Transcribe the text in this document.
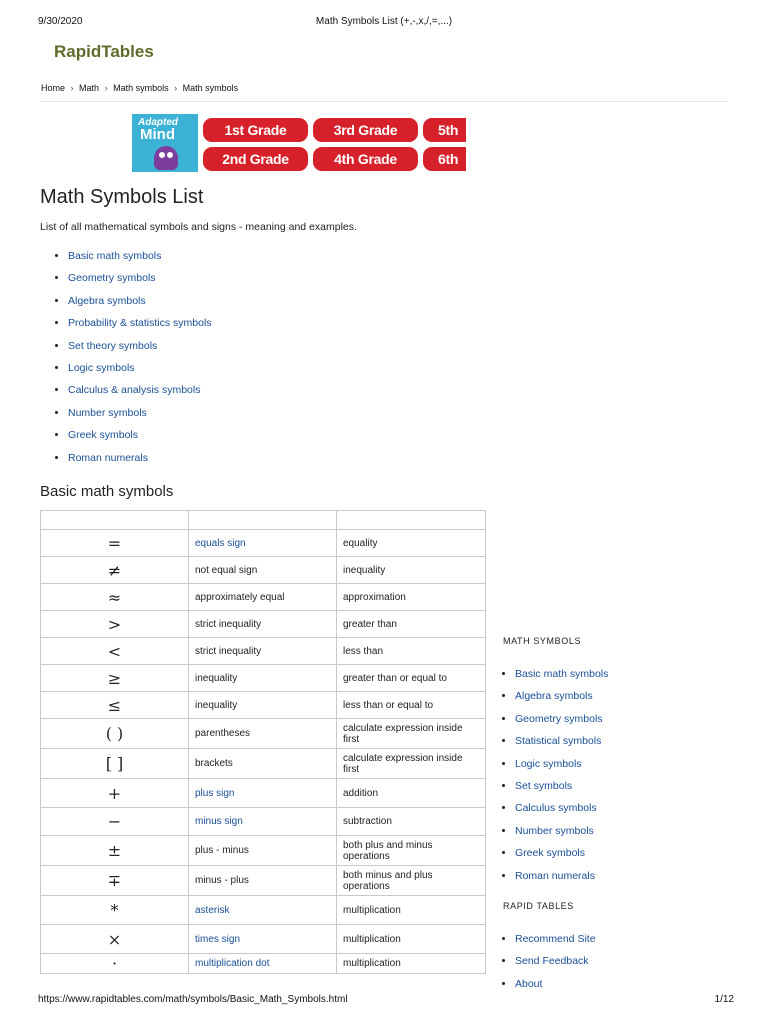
9/30/2020	Math Symbols List (+,-,x,/,=,...)
RapidTables
Home › Math › Math symbols › Math symbols
Adapted
Mind	1st Grade	3rd Grade	5th
2nd Grade	4th Grade	6th
Math Symbols List

List of all mathematical symbols and signs - meaning and examples.

• Basic math symbols
• Geometry symbols
• Algebra symbols
• Probability & statistics symbols
• Set theory symbols
• Logic symbols
• Calculus & analysis symbols
• Number symbols
• Greek symbols
• Roman numerals
Basic math symbols

=	equals sign	equality
≠	not equal sign	inequality
≈	approximately equal	approximation
>	strict inequality	greater than
<	strict inequality	less than
≥	inequality	greater than or equal to
≤	inequality	less than or equal to
( )	parentheses	calculate expression inside first
[ ]	brackets	calculate expression inside first
+	plus sign	addition
−	minus sign	subtraction
±	plus - minus	both plus and minus operations
∓	minus - plus	both minus and plus operations
*	asterisk	multiplication
×	times sign	multiplication
·	multiplication dot	multiplication
MATH SYMBOLS
• Basic math symbols
• Algebra symbols
• Geometry symbols
• Statistical symbols
• Logic symbols
• Set symbols
• Calculus symbols
• Number symbols
• Greek symbols
• Roman numerals
RAPID TABLES
• Recommend Site
• Send Feedback
• About
https://www.rapidtables.com/math/symbols/Basic_Math_Symbols.html	1/12
